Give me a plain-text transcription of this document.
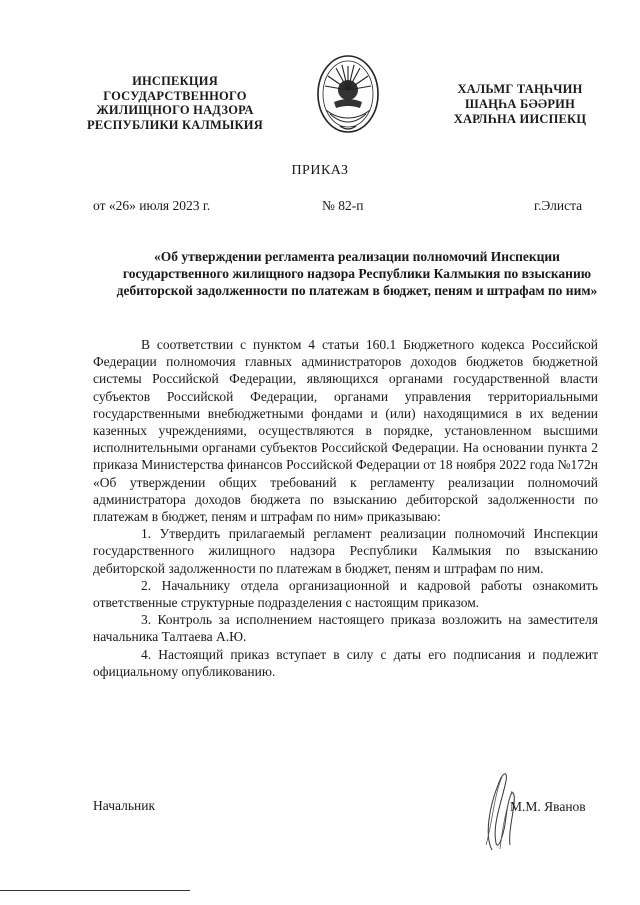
ИНСПЕКЦИЯ
ГОСУДАРСТВЕННОГО
ЖИЛИЩНОГО НАДЗОРА
РЕСПУБЛИКИ КАЛМЫКИЯ
ХАЛЬМГ ТАҢҺЧИН
ШАҢҺА БӘӘРИН
ХАРЛҺНА ИИСПЕКЦ
ПРИКАЗ
от «26» июля 2023 г.	№ 82-п	г.Элиста
«Об утверждении регламента реализации полномочий Инспекции государственного жилищного надзора Республики Калмыкия по взысканию дебиторской задолженности по платежам в бюджет, пеням и штрафам по ним»

В соответствии с пунктом 4 статьи 160.1 Бюджетного кодекса Российской Федерации полномочия главных администраторов доходов бюджетов бюджетной системы Российской Федерации, являющихся органами государственной власти субъектов Российской Федерации, органами управления территориальными государственными внебюджетными фондами и (или) находящимися в их ведении казенных учреждениями, осуществляются в порядке, установленном высшими исполнительными органами субъектов Российской Федерации. На основании пункта 2 приказа Министерства финансов Российской Федерации от 18 ноября 2022 года №172н «Об утверждении общих требований к регламенту реализации полномочий администратора доходов бюджета по взысканию дебиторской задолженности по платежам в бюджет, пеням и штрафам по ним» приказываю:

1. Утвердить прилагаемый регламент реализации полномочий Инспекции государственного жилищного надзора Республики Калмыкия по взысканию дебиторской задолженности по платежам в бюджет, пеням и штрафам по ним.

2. Начальнику отдела организационной и кадровой работы ознакомить ответственные структурные подразделения с настоящим приказом.

3. Контроль за исполнением настоящего приказа возложить на заместителя начальника Талтаева А.Ю.

4. Настоящий приказ вступает в силу с даты его подписания и подлежит официальному опубликованию.

Начальник	М.М. Яванов
